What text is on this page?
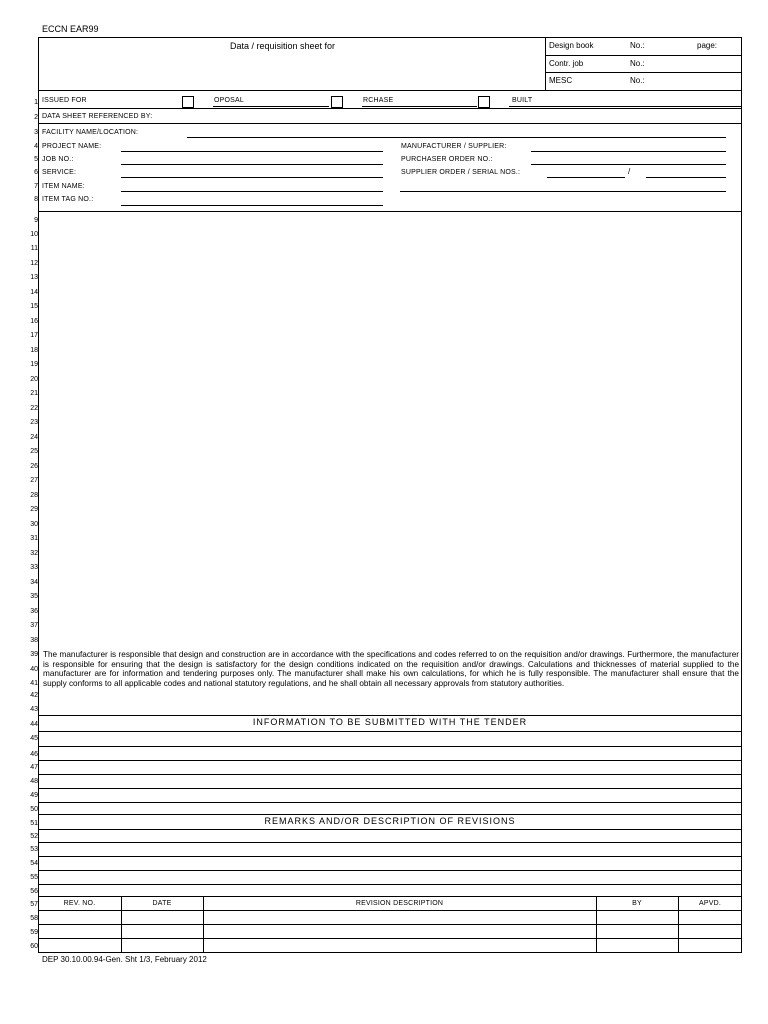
ECCN EAR99
Data / requisition sheet for	Design book	No.:	page:
Contr. job	No.:
MESC	No.:
ISSUED FOR	OPOSAL	RCHASE	BUILT
DATA SHEET REFERENCED BY:
FACILITY NAME/LOCATION:
PROJECT NAME:	MANUFACTURER / SUPPLIER:
JOB NO.:	PURCHASER ORDER NO.:
SERVICE:	SUPPLIER ORDER / SERIAL NOS.:	/
ITEM NAME:
ITEM TAG NO.:
1
2
3
4
5
6
7
8
9
10
11
12
13
14
15
16
17
18
19
20
21
22
23
24
25
26
27
28
29
30
31
32
33
34
35
36
37
38
39
40
41
42
43
44
45
46
47
48
49
50
51
52
53
54
55
56
57
58
59
60
The manufacturer is responsible that design and construction are in accordance with the specifications and codes referred to on the requisition and/or drawings. Furthermore, the manufacturer is responsible for ensuring that the design is satisfactory for the design conditions indicated on the requisition and/or drawings. Calculations and thicknesses of material supplied to the manufacturer are for information and tendering purposes only. The manufacturer shall make his own calculations, for which he is fully responsible. The manufacturer shall ensure that the supply conforms to all applicable codes and national statutory regulations, and he shall obtain all necessary approvals from statutory authorities.
INFORMATION TO BE SUBMITTED WITH THE TENDER
REMARKS AND/OR DESCRIPTION OF REVISIONS
REV. NO.	DATE	REVISION DESCRIPTION	BY	APVD.
DEP 30.10.00.94-Gen. Sht 1/3, February 2012
